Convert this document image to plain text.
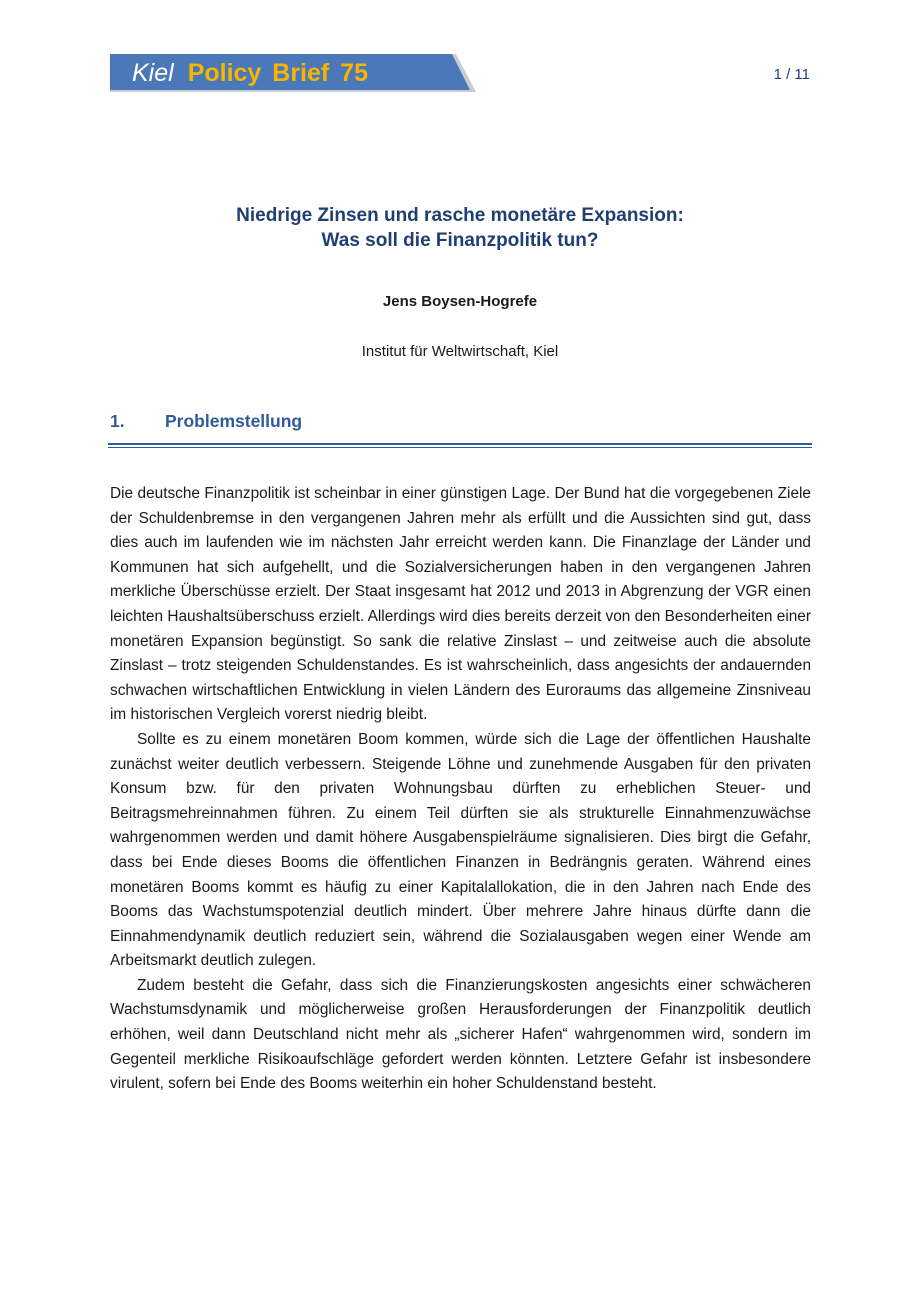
Kiel Policy Brief 75	1 / 11
Niedrige Zinsen und rasche monetäre Expansion:
Was soll die Finanzpolitik tun?
Jens Boysen-Hogrefe
Institut für Weltwirtschaft, Kiel
1. Problemstellung

Die deutsche Finanzpolitik ist scheinbar in einer günstigen Lage. Der Bund hat die vorgegebenen Ziele der Schuldenbremse in den vergangenen Jahren mehr als erfüllt und die Aussichten sind gut, dass dies auch im laufenden wie im nächsten Jahr erreicht werden kann. Die Finanzlage der Länder und Kommunen hat sich aufgehellt, und die Sozialversicherungen haben in den vergangenen Jahren merkliche Überschüsse erzielt. Der Staat insgesamt hat 2012 und 2013 in Abgrenzung der VGR einen leichten Haushaltsüberschuss erzielt. Allerdings wird dies bereits derzeit von den Besonderheiten einer monetären Expansion begünstigt. So sank die relative Zinslast – und zeitweise auch die absolute Zinslast – trotz steigenden Schuldenstandes. Es ist wahrscheinlich, dass angesichts der andauernden schwachen wirtschaftlichen Entwicklung in vielen Ländern des Euroraums das allgemeine Zinsniveau im historischen Vergleich vorerst niedrig bleibt.

Sollte es zu einem monetären Boom kommen, würde sich die Lage der öffentlichen Haushalte zunächst weiter deutlich verbessern. Steigende Löhne und zunehmende Ausgaben für den privaten Konsum bzw. für den privaten Wohnungsbau dürften zu erheblichen Steuer- und Beitragsmehreinnahmen führen. Zu einem Teil dürften sie als strukturelle Einnahmenzuwächse wahrgenommen werden und damit höhere Ausgabenspielräume signalisieren. Dies birgt die Gefahr, dass bei Ende dieses Booms die öffentlichen Finanzen in Bedrängnis geraten. Während eines monetären Booms kommt es häufig zu einer Kapitalallokation, die in den Jahren nach Ende des Booms das Wachstumspotenzial deutlich mindert. Über mehrere Jahre hinaus dürfte dann die Einnahmendynamik deutlich reduziert sein, während die Sozialausgaben wegen einer Wende am Arbeitsmarkt deutlich zulegen.

Zudem besteht die Gefahr, dass sich die Finanzierungskosten angesichts einer schwächeren Wachstumsdynamik und möglicherweise großen Herausforderungen der Finanzpolitik deutlich erhöhen, weil dann Deutschland nicht mehr als „sicherer Hafen“ wahrgenommen wird, sondern im Gegenteil merkliche Risikoaufschläge gefordert werden könnten. Letztere Gefahr ist insbesondere virulent, sofern bei Ende des Booms weiterhin ein hoher Schuldenstand besteht.
